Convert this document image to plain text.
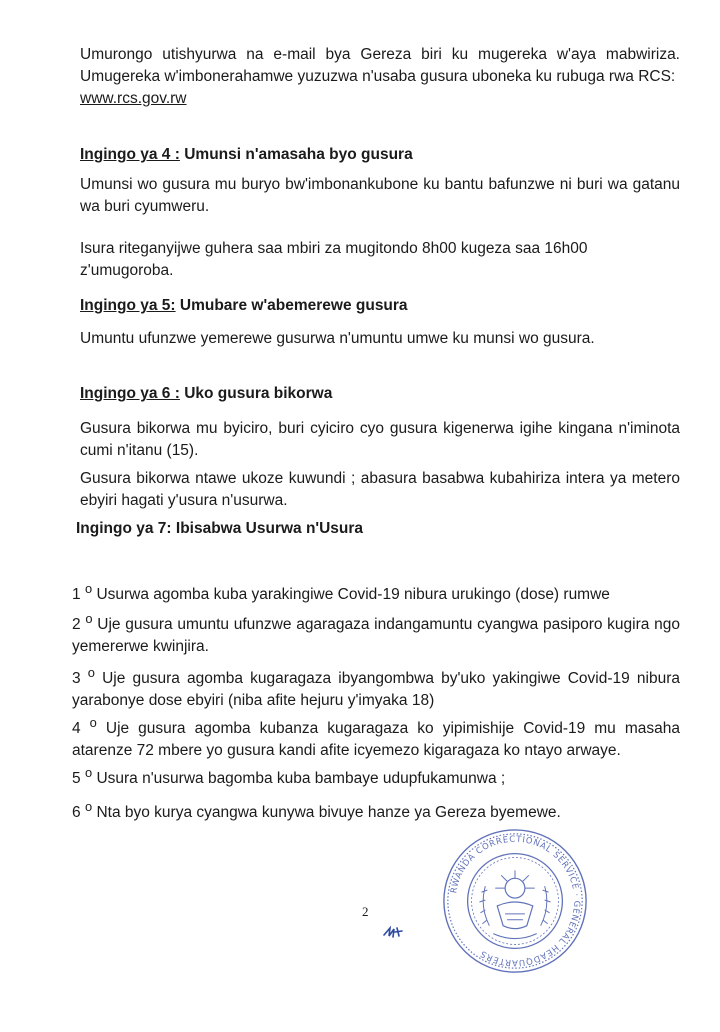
Umurongo utishyurwa na e-mail bya Gereza biri ku mugereka w'aya mabwiriza. Umugereka w'imbonerahamwe yuzuzwa n'usaba gusura uboneka ku rubuga rwa RCS:
www.rcs.gov.rw

Ingingo ya 4 : Umunsi n'amasaha byo gusura

Umunsi wo gusura mu buryo bw'imbonankubone ku bantu bafunzwe ni buri wa gatanu wa buri cyumweru.

Isura riteganyijwe guhera saa mbiri za mugitondo 8h00 kugeza saa 16h00 z'umugoroba.

Ingingo ya 5: Umubare w'abemerewe gusura

Umuntu ufunzwe yemerewe gusurwa n'umuntu umwe ku munsi wo gusura.

Ingingo ya 6 : Uko gusura bikorwa

Gusura bikorwa mu byiciro, buri cyiciro cyo gusura kigenerwa igihe kingana n'iminota cumi n'itanu (15).

Gusura bikorwa ntawe ukoze kuwundi ; abasura basabwa kubahiriza intera ya metero ebyiri hagati y'usura n'usurwa.

Ingingo ya 7: Ibisabwa Usurwa n'Usura

1 $^o$ Usurwa agomba kuba yarakingiwe Covid-19 nibura urukingo (dose) rumwe

2 $^o$ Uje gusura umuntu ufunzwe agaragaza indangamuntu cyangwa pasiporo kugira ngo yemererwe kwinjira.

3 $^o$ Uje gusura agomba kugaragaza ibyangombwa by'uko yakingiwe Covid-19 nibura yarabonye dose ebyiri (niba afite hejuru y'imyaka 18)

4 $^o$ Uje gusura agomba kubanza kugaragaza ko yipimishije Covid-19 mu masaha atarenze 72 mbere yo gusura kandi afite icyemezo kigaragaza ko ntayo arwaye.

5 $^o$ Usura n'usurwa bagomba kuba bambaye udupfukamunwa ;

6 $^o$ Nta byo kurya cyangwa kunywa bivuye hanze ya Gereza byemewe.

2
RWANDA CORRECTIONAL SERVICE · GENERAL HEADQUARTERS
